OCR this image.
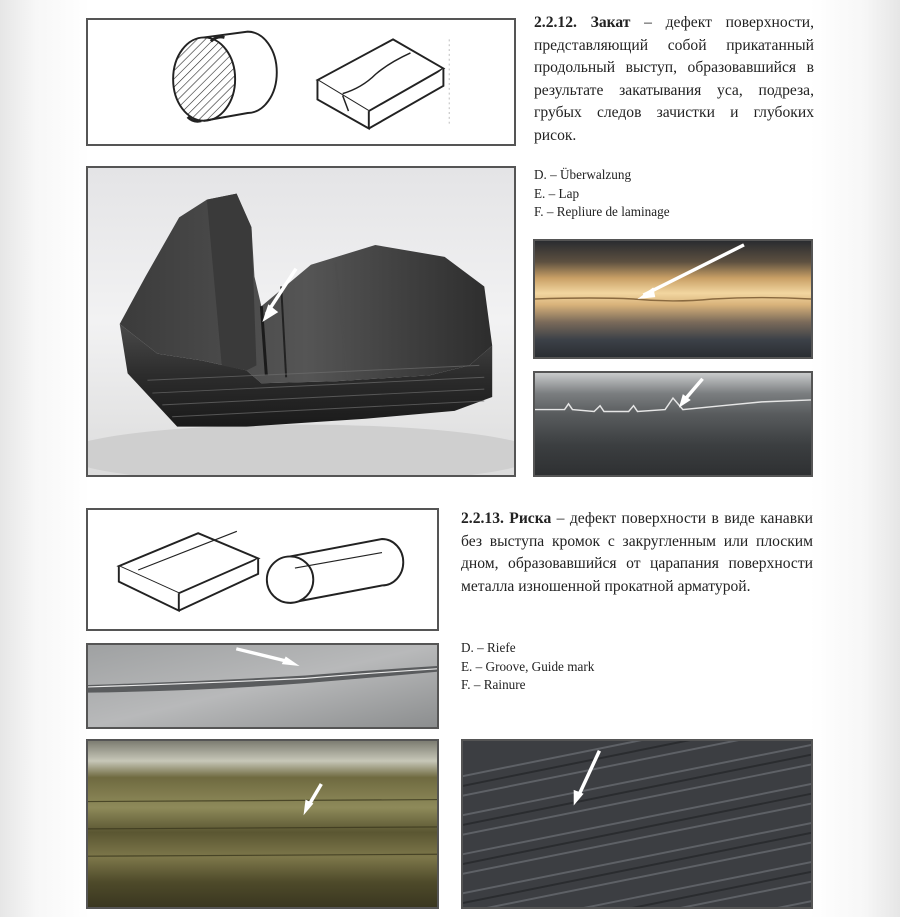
2.2.12. Закат – дефект поверхности, представляющий собой прикатанный продольный выступ, образовавшийся в результате закатывания уса, подреза, грубых следов зачистки и глубоких рисок.

D. – Überwalzung
E. – Lap
F. – Repliure de laminage

2.2.13. Риска – дефект поверхности в виде канавки без выступа кромок с закругленным или плоским дном, образовавшийся от царапания поверхности металла изношенной прокатной арматурой.

D. – Riefe
E. – Groove, Guide mark
F. – Rainure
